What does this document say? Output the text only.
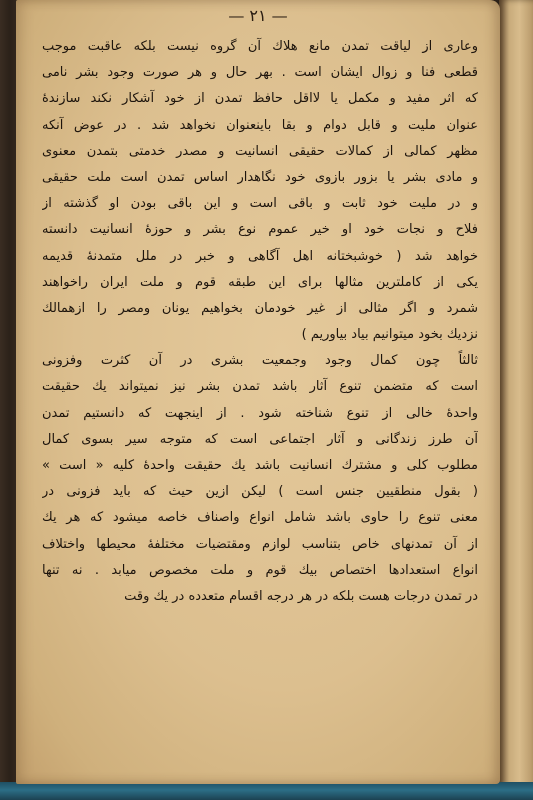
— ۲۱ —
وعاری از لیاقت تمدن مانع هلاك آن گروه نیست بلکه عاقبت موجب
قطعی فنا و زوال ایشان است . بهر حال و هر صورت وجود بشر نامی
که اثر مفید و مکمل یا لااقل حافظ تمدن از خود آشکار نکند سازندهٔ
عنوان ملیت و قابل دوام و بقا باینعنوان نخواهد شد . در عوض آنکه
مظهر کمالی از کمالات حقیقی انسانیت و مصدر خدمتی بتمدن معنوی
و مادی بشر یا بزور بازوی خود نگاهدار اساس تمدن است ملت حقیقی
و در ملیت خود ثابت و باقی است و این باقی بودن او گذشته از
فلاح و نجات خود او خیر عموم نوع بشر و حوزهٔ انسانیت دانسته
خواهد شد ( خوشبختانه اهل آگاهی و خبر در ملل متمدنهٔ قدیمه
یکی از کاملترین مثالها برای این طبقه قوم و ملت ایران راخواهند
شمرد و اگر مثالی از غیر خودمان بخواهیم یونان ومصر را ازهمالك
نزدیك بخود میتوانیم بیاد بیاوریم )
ثالثاً چون کمال وجود وجمعیت بشری در آن کثرت وفزونی
است که متضمن تنوع آثار باشد تمدن بشر نیز نمیتواند یك حقیقت
واحدهٔ خالی از تنوع شناخته شود . از اینجهت که دانستیم تمدن
آن طرز زندگانی و آثار اجتماعی است که متوجه سیر بسوی کمال
مطلوب کلی و مشترك انسانیت باشد یك حقیقت واحدهٔ کلیه « است »
( بقول منطقیین جنس است ) لیکن ازین حیث که باید فزونی در
معنی تنوع را حاوی باشد شامل انواع واصناف خاصه میشود که هر یك
از آن تمدنهای خاص بتناسب لوازم ومقتضیات مختلفهٔ محیطها واختلاف
انواع استعدادها اختصاص بیك قوم و ملت مخصوص میابد . نه تنها
در تمدن درجات هست بلکه در هر درجه اقسام متعدده در یك وقت
